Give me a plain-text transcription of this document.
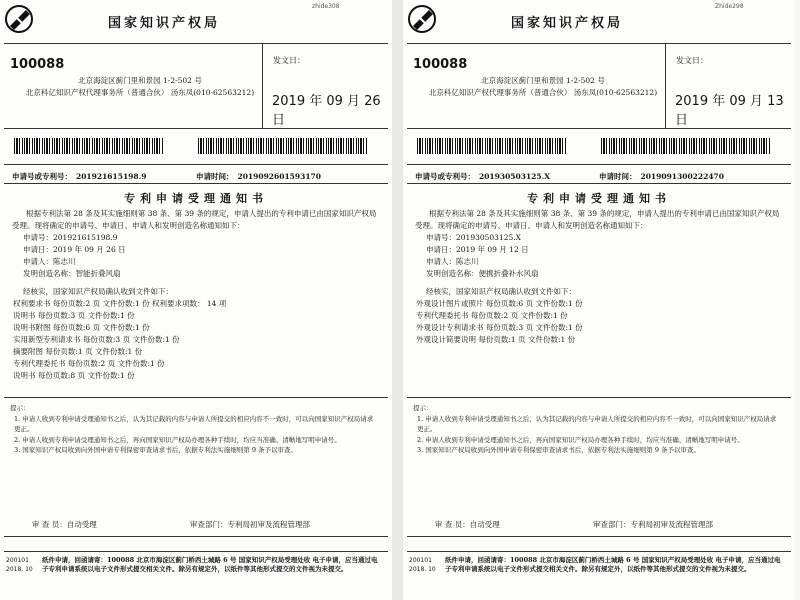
zhide308
国家知识产权局
100088
北京海淀区蓟门里和景园 1-2-502 号
北京科亿知识产权代理事务所（普通合伙） 汤东凤(010-62563212)
发文日：
2019 年 09 月 26 日
申请号或专利号： 201921615198.9	申请时间： 2019092601593170
专利申请受理通知书

根据专利法第 28 条及其实施细则第 38 条、第 39 条的规定，申请人提出的专利申请已由国家知识产权局受理。现将确定的申请号、申请日、申请人和发明创造名称通知如下：

申请号：201921615198.9
申请日：2019 年 09 月 26 日
申请人：陈志川
发明创造名称：智能折叠风扇
经核实，国家知识产权局确认收到文件如下：
权利要求书 每份页数:2 页 文件份数:1 份 权利要求项数： 14 项
说明书 每份页数:3 页 文件份数:1 份
说明书附图 每份页数:6 页 文件份数:1 份
实用新型专利请求书 每份页数:3 页 文件份数:1 份
摘要附图 每份页数:1 页 文件份数:1 份
专利代理委托书 每份页数:2 页 文件份数:1 份
说明书 每份页数:8 页 文件份数:1 份

提示：

1. 申请人收到专利申请受理通知书之后，认为其记载的内容与申请人所提交的相应内容不一致时，可以向国家知识产权局请求更正。

2. 申请人收到专利申请受理通知书之后，再向国家知识产权局办理各种手续时，均应当准确、清晰地写明申请号。

3. 国家知识产权局收到向外国申请专利保密审查请求书后，依据专利法实施细则第 9 条予以审查。

审 查 员：自动受理	审查部门：专利局初审及流程管理部
200101
2018. 10
纸件申请，回函请寄：100088 北京市海淀区蓟门桥西土城路 6 号 国家知识产权局受理处收 电子申请，应当通过电子专利申请系统以电子文件形式提交相关文件。除另有规定外，以纸件等其他形式提交的文件视为未提交。
Zhide298
国家知识产权局
100088
北京海淀区蓟门里和景园 1-2-502 号
北京科亿知识产权代理事务所（普通合伙） 汤东凤(010-62563212)
发文日：
2019 年 09 月 13 日
申请号或专利号： 201930503125.X	申请时间： 2019091300222470
专利申请受理通知书

根据专利法第 28 条及其实施细则第 38 条、第 39 条的规定，申请人提出的专利申请已由国家知识产权局受理。现将确定的申请号、申请日、申请人和发明创造名称通知如下：

申请号：201930503125.X
申请日：2019 年 09 月 12 日
申请人：陈志川
发明创造名称：便携折叠补水风扇
经核实，国家知识产权局确认收到文件如下：
外观设计图片或照片 每份页数:6 页 文件份数:1 份
专利代理委托书 每份页数:2 页 文件份数:1 份
外观设计专利请求书 每份页数:3 页 文件份数:1 份
外观设计简要说明 每份页数:1 页 文件份数:1 份

提示：

1. 申请人收到专利申请受理通知书之后，认为其记载的内容与申请人所提交的相应内容不一致时，可以向国家知识产权局请求更正。

2. 申请人收到专利申请受理通知书之后，再向国家知识产权局办理各种手续时，均应当准确、清晰地写明申请号。

3. 国家知识产权局收到向外国申请专利保密审查请求书后，依据专利法实施细则第 9 条予以审查。

审 查 员：自动受理	审查部门：专利局初审及流程管理部
200101
2018. 10
纸件申请，回函请寄：100088 北京市海淀区蓟门桥西土城路 6 号 国家知识产权局受理处收 电子申请，应当通过电子专利申请系统以电子文件形式提交相关文件。除另有规定外，以纸件等其他形式提交的文件视为未提交。
